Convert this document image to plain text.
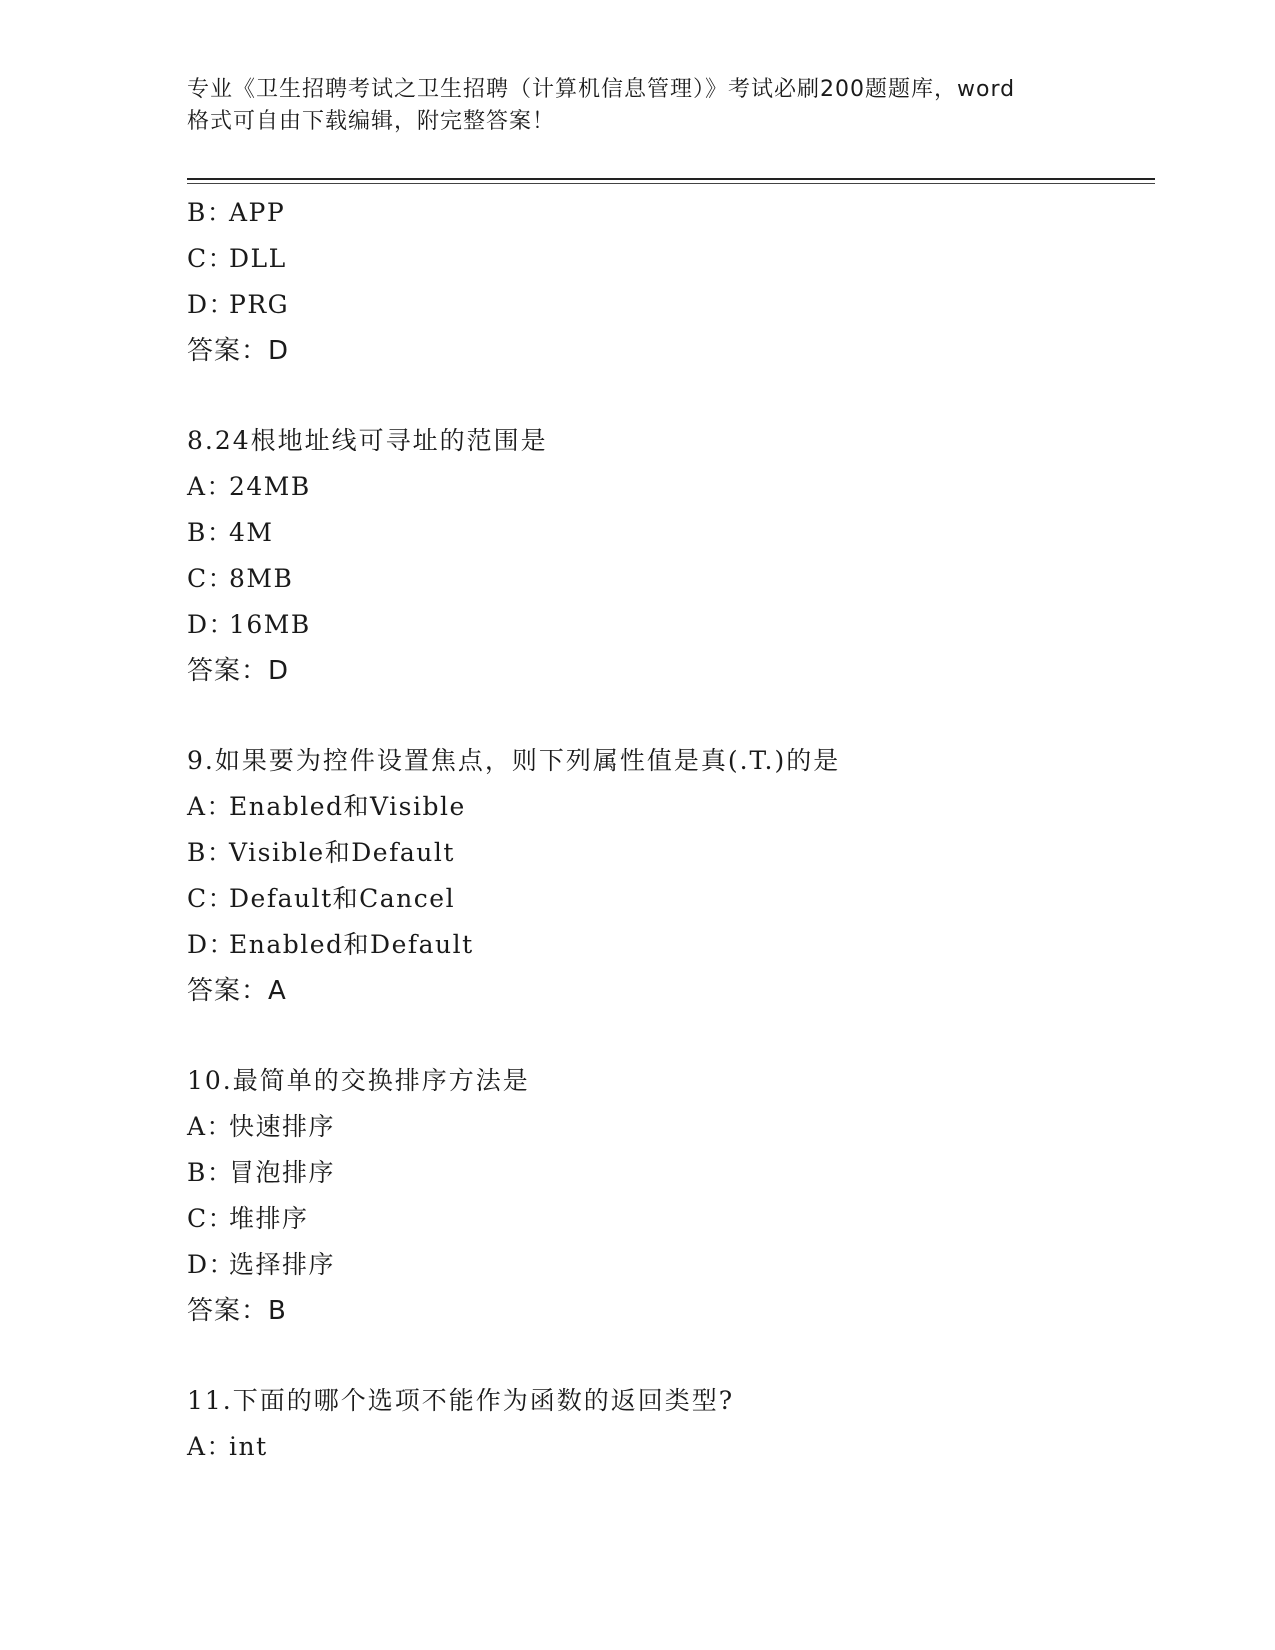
专业《卫生招聘考试之卫生招聘（计算机信息管理）》考试必刷200题题库，word
格式可自由下载编辑，附完整答案！
B：APP
C：DLL
D：PRG
答案：D
8.24根地址线可寻址的范围是
A：24MB
B：4M
C：8MB
D：16MB
答案：D
9.如果要为控件设置焦点，则下列属性值是真(.T.)的是
A：Enabled和Visible
B：Visible和Default
C：Default和Cancel
D：Enabled和Default
答案：A
10.最简单的交换排序方法是
A：快速排序
B：冒泡排序
C：堆排序
D：选择排序
答案：B
11.下面的哪个选项不能作为函数的返回类型?
A：int
